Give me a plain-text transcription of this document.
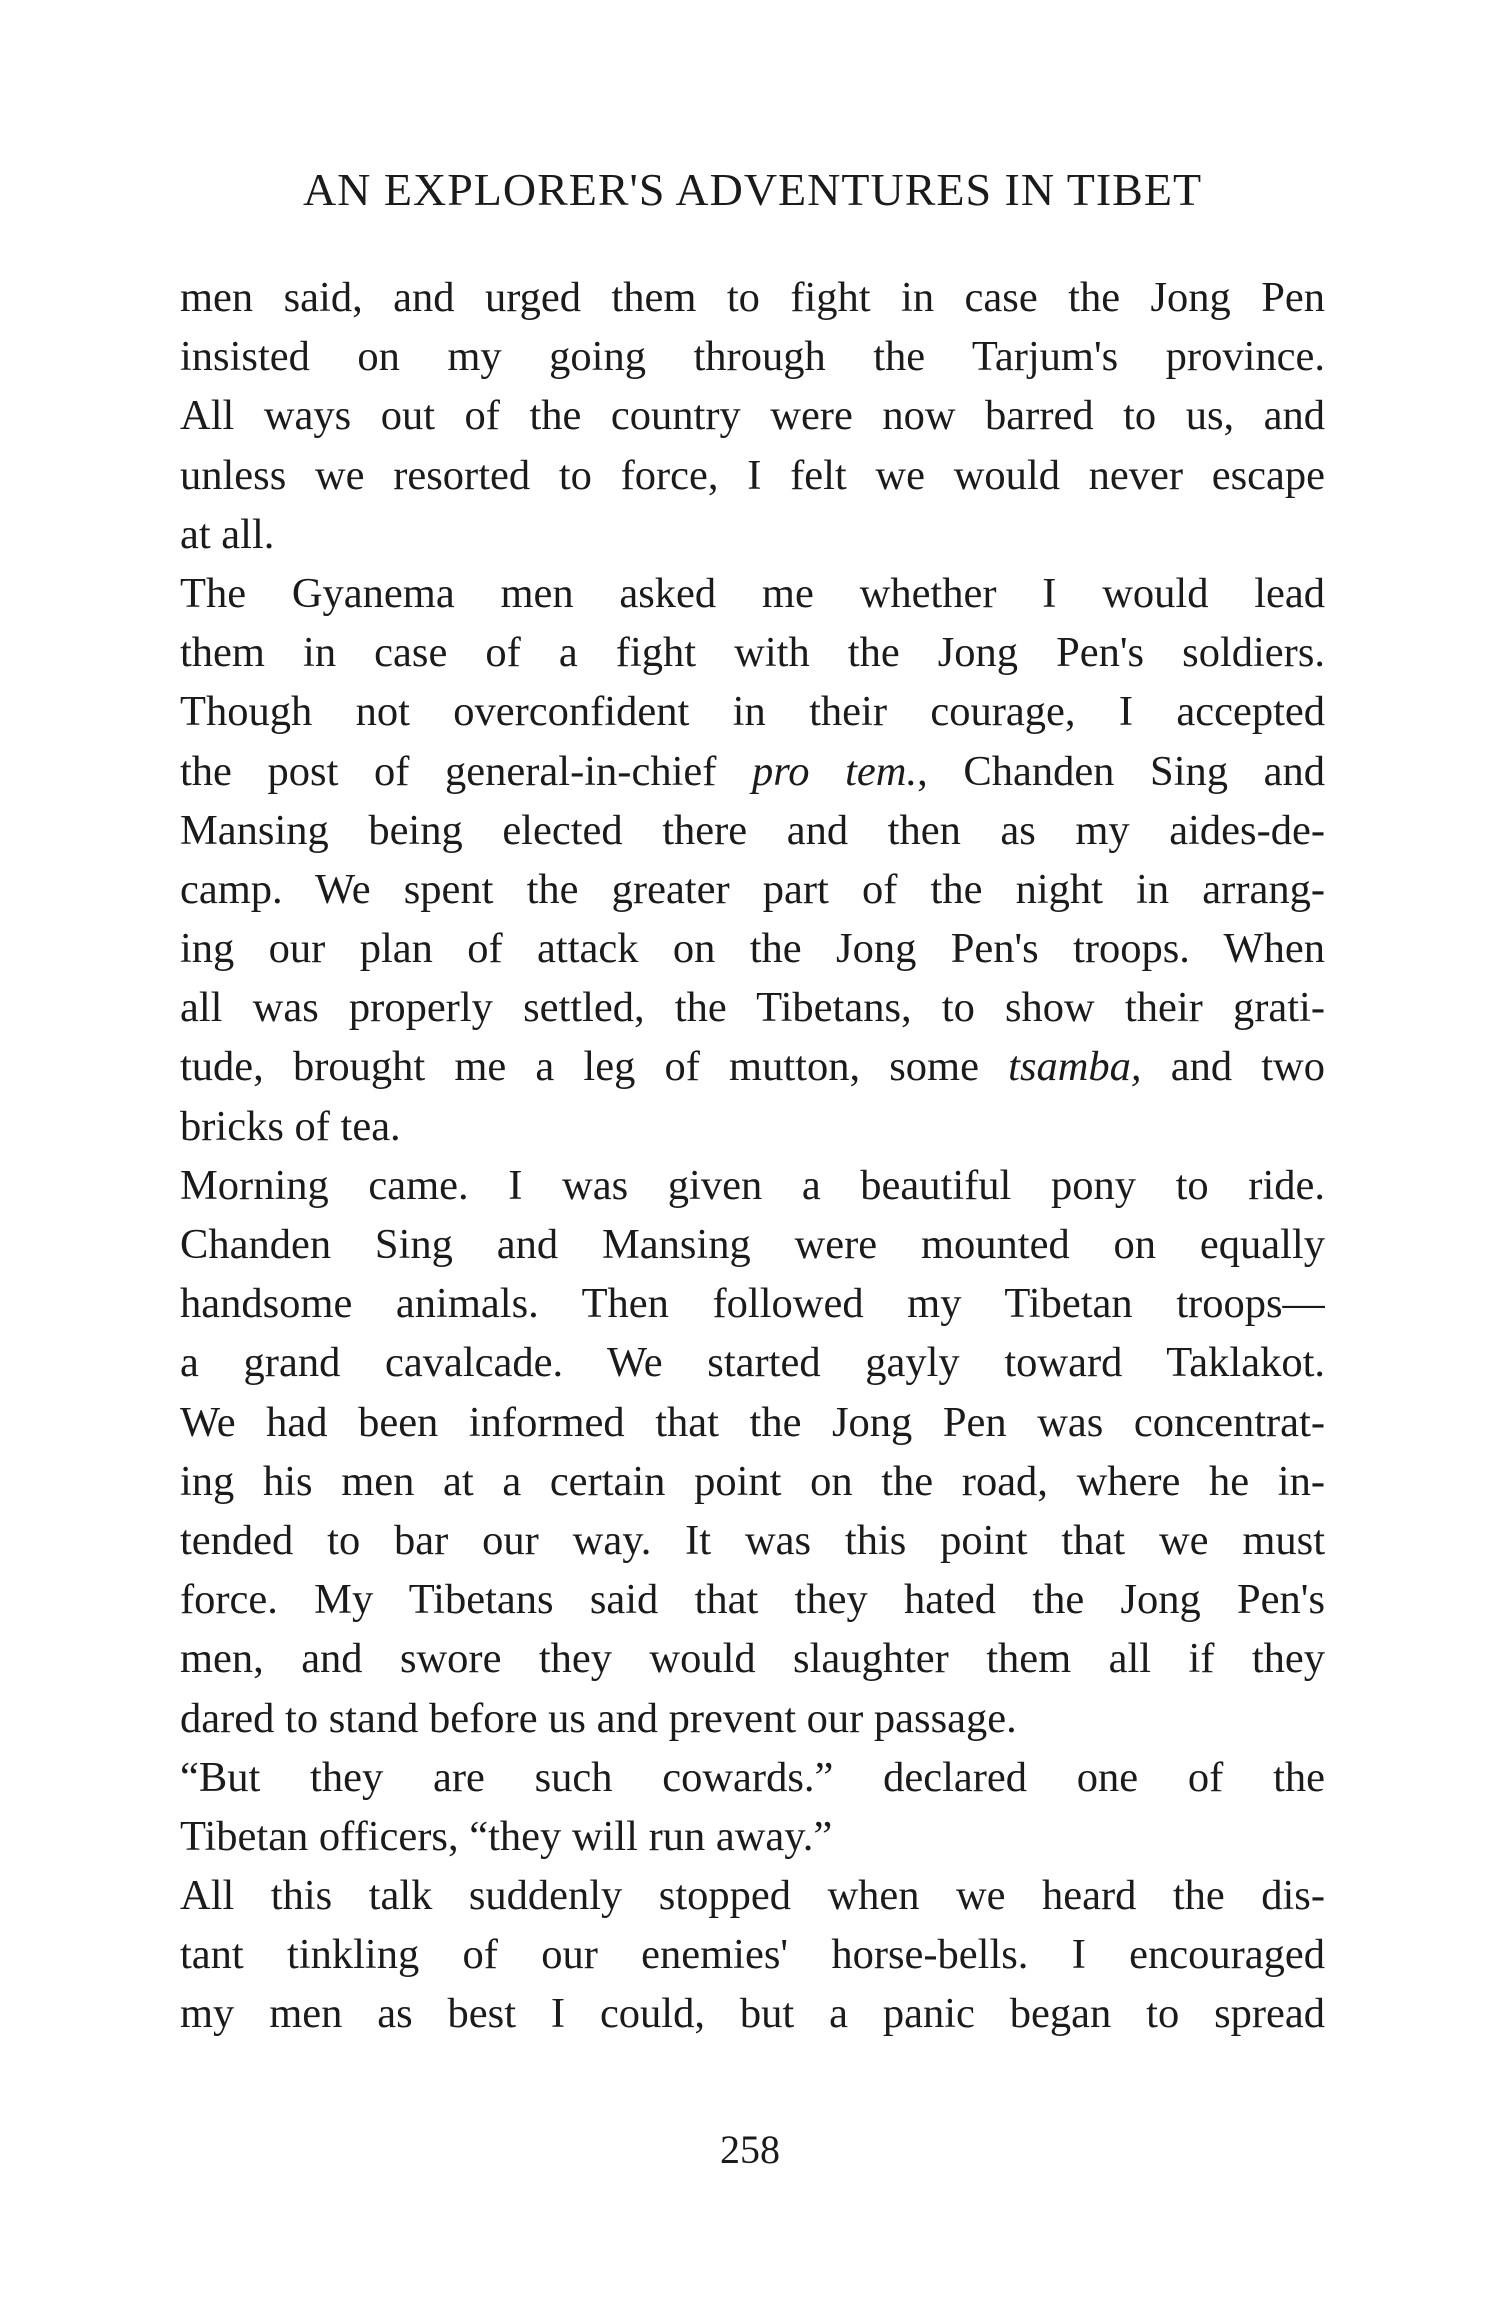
AN EXPLORER'S ADVENTURES IN TIBET
men said, and urged them to fight in case the Jong Pen
insisted on my going through the Tarjum's province.
All ways out of the country were now barred to us, and
unless we resorted to force, I felt we would never escape
at all.
The Gyanema men asked me whether I would lead
them in case of a fight with the Jong Pen's soldiers.
Though not overconfident in their courage, I accepted
the post of general-in-chief pro tem., Chanden Sing and
Mansing being elected there and then as my aides-de-
camp. We spent the greater part of the night in arrang-
ing our plan of attack on the Jong Pen's troops. When
all was properly settled, the Tibetans, to show their grati-
tude, brought me a leg of mutton, some tsamba, and two
bricks of tea.
Morning came. I was given a beautiful pony to ride.
Chanden Sing and Mansing were mounted on equally
handsome animals. Then followed my Tibetan troops—
a grand cavalcade. We started gayly toward Taklakot.
We had been informed that the Jong Pen was concentrat-
ing his men at a certain point on the road, where he in-
tended to bar our way. It was this point that we must
force. My Tibetans said that they hated the Jong Pen's
men, and swore they would slaughter them all if they
dared to stand before us and prevent our passage.
“But they are such cowards.” declared one of the
Tibetan officers, “they will run away.”
All this talk suddenly stopped when we heard the dis-
tant tinkling of our enemies' horse-bells. I encouraged
my men as best I could, but a panic began to spread
258
